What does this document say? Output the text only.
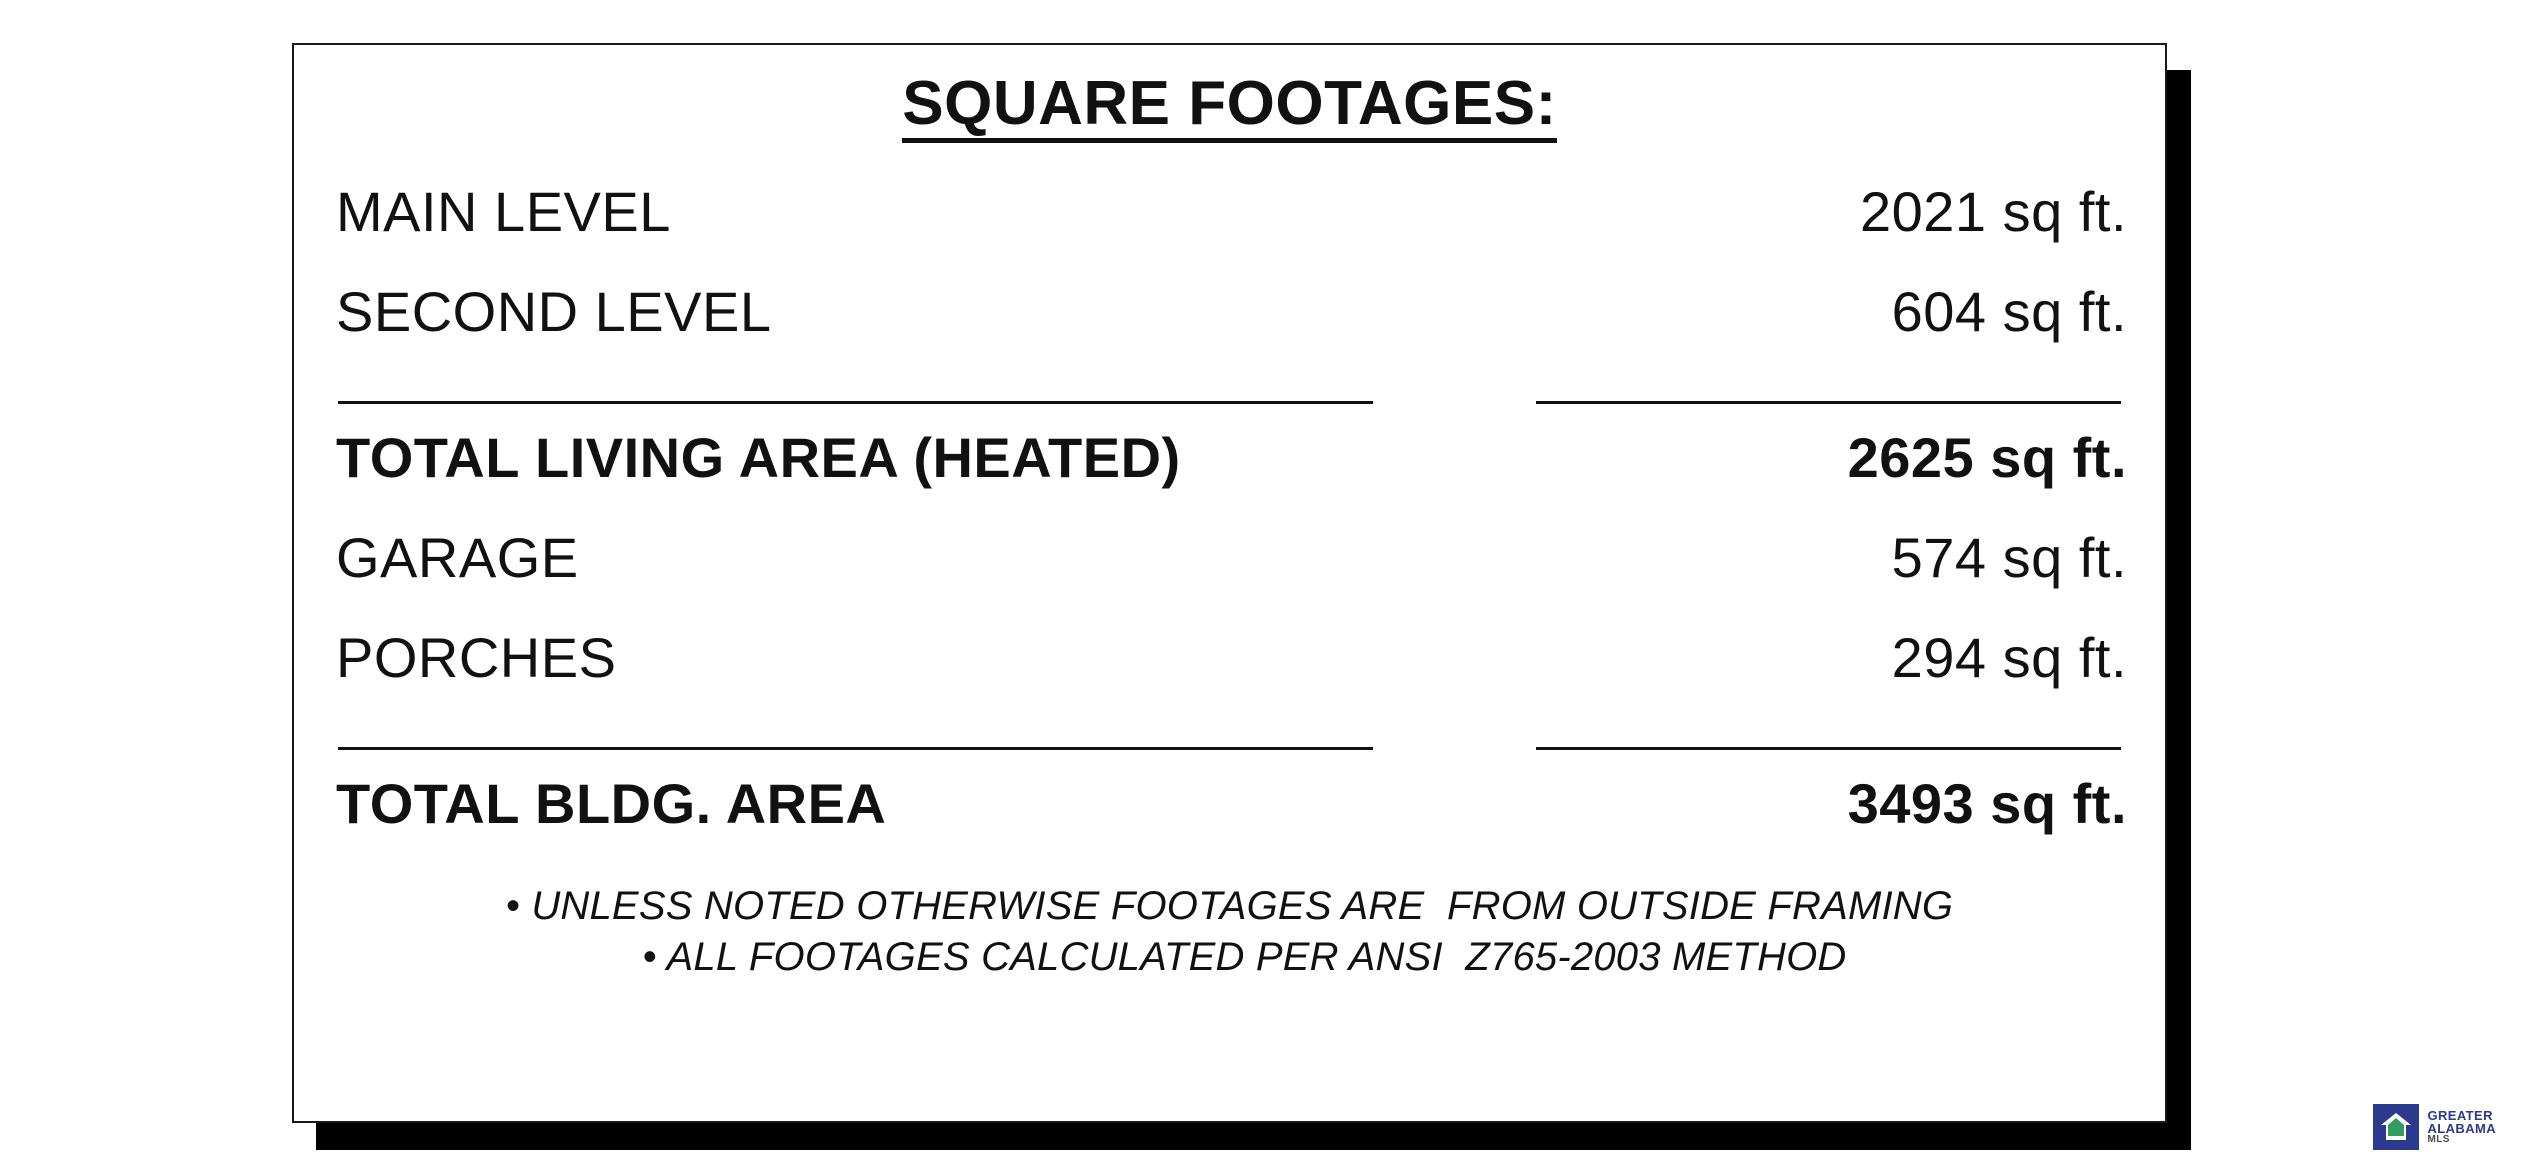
SQUARE FOOTAGES:
MAIN LEVEL	2021 sq ft.
SECOND LEVEL	604 sq ft.
TOTAL LIVING AREA (HEATED)	2625 sq ft.
GARAGE	574 sq ft.
PORCHES	294 sq ft.
TOTAL BLDG. AREA	3493 sq ft.
• UNLESS NOTED OTHERWISE FOOTAGES ARE  FROM OUTSIDE FRAMING
• ALL FOOTAGES CALCULATED PER ANSI  Z765-2003 METHOD
GREATER
ALABAMA
MLS
